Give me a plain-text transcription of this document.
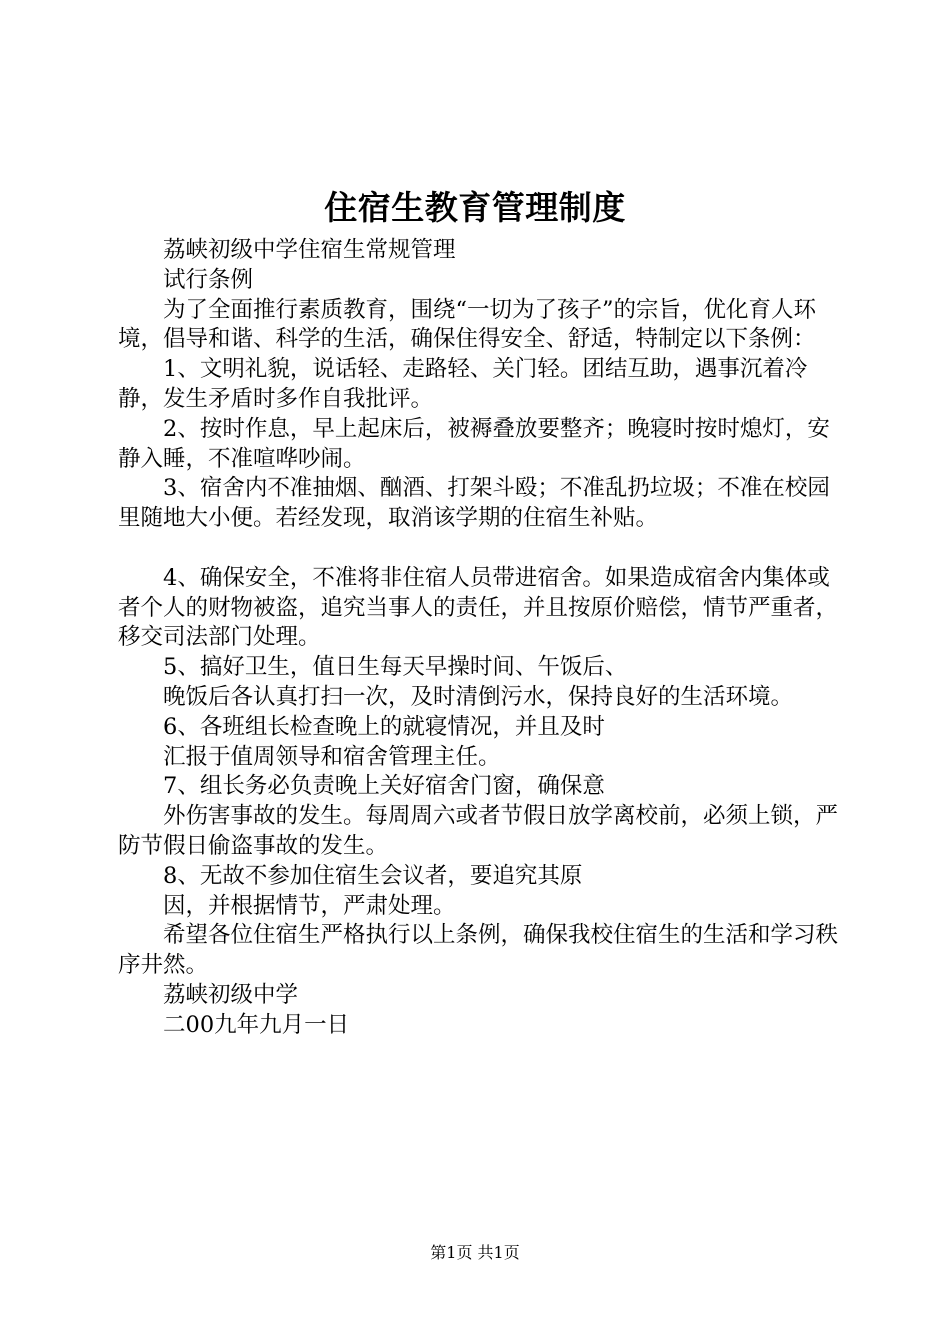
住宿生教育管理制度

荔峡初级中学住宿生常规管理

试行条例

为了全面推行素质教育，围绕“一切为了孩子”的宗旨，优化育人环境，倡导和谐、科学的生活，确保住得安全、舒适，特制定以下条例：

1、文明礼貌，说话轻、走路轻、关门轻。团结互助，遇事沉着冷静，发生矛盾时多作自我批评。

2、按时作息，早上起床后，被褥叠放要整齐；晚寝时按时熄灯，安静入睡，不准喧哗吵闹。

3、宿舍内不准抽烟、酗酒、打架斗殴；不准乱扔垃圾；不准在校园里随地大小便。若经发现，取消该学期的住宿生补贴。

4、确保安全，不准将非住宿人员带进宿舍。如果造成宿舍内集体或者个人的财物被盗，追究当事人的责任，并且按原价赔偿，情节严重者，移交司法部门处理。

5、搞好卫生，值日生每天早操时间、午饭后、

晚饭后各认真打扫一次，及时清倒污水，保持良好的生活环境。

6、各班组长检查晚上的就寝情况，并且及时

汇报于值周领导和宿舍管理主任。

7、组长务必负责晚上关好宿舍门窗，确保意

外伤害事故的发生。每周周六或者节假日放学离校前，必须上锁，严防节假日偷盗事故的发生。

8、无故不参加住宿生会议者，要追究其原

因，并根据情节，严肃处理。

希望各位住宿生严格执行以上条例，确保我校住宿生的生活和学习秩序井然。

荔峡初级中学

二00九年九月一日

第1页 共1页
